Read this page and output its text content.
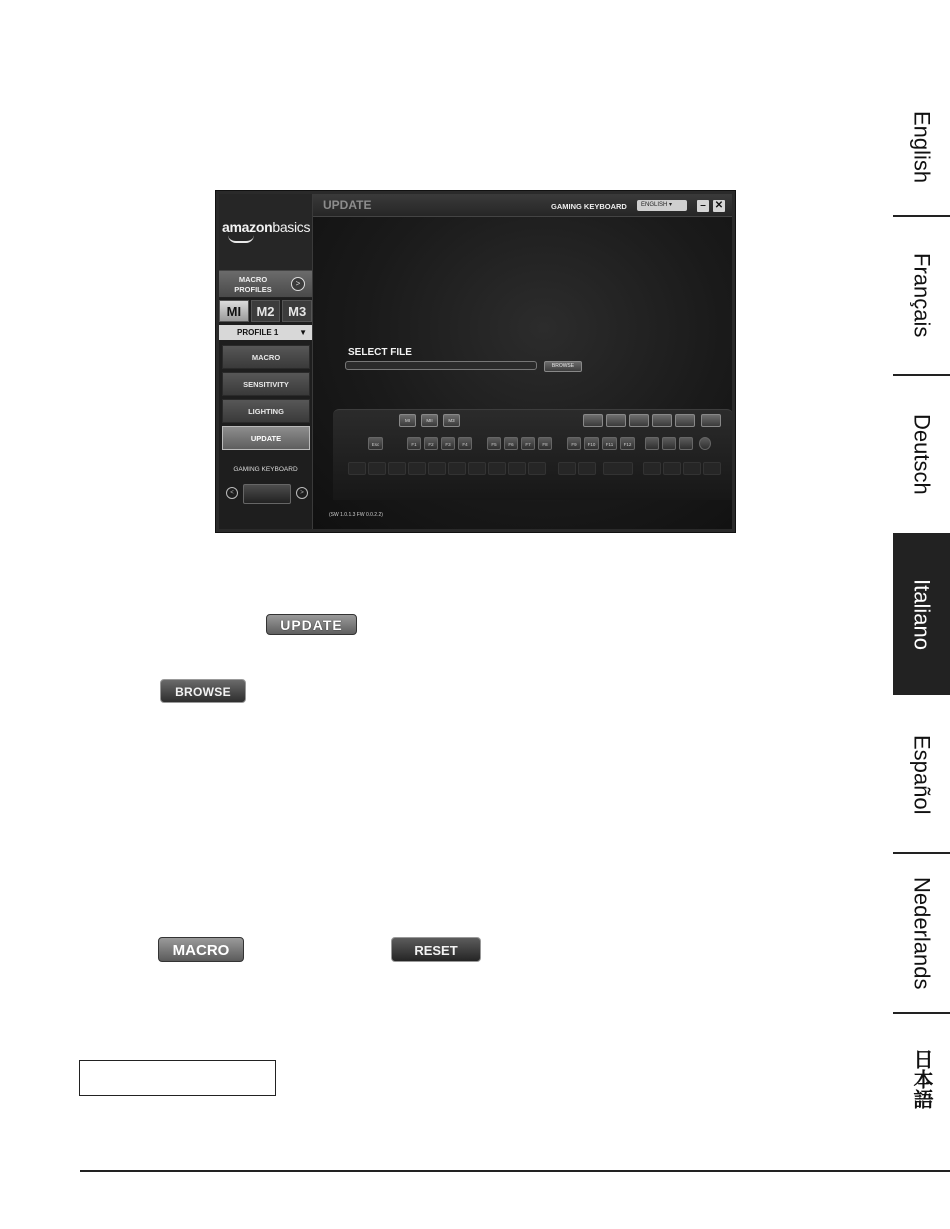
amazonbasics
MACRO PROFILES
>
MI	M2	M3
PROFILE 1	▼
MACRO
SENSITIVITY
LIGHTING
UPDATE
GAMING KEYBOARD
<	>
UPDATE	GAMING KEYBOARD	ENGLISH ▾	– ✕
SELECT FILE
BROWSE
MI	MII	M3
Esc	F1	F2	F3	F4	F5	F6	F7	F8	F9	F10	F11	F12
(SW 1.0.1.3 FW 0.0.2.2)
UPDATE
BROWSE
MACRO	RESET
English
Français
Deutsch
Italiano
Español
Nederlands
日本語
